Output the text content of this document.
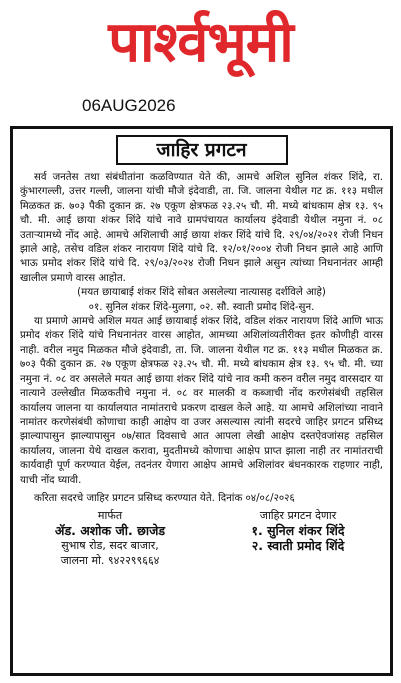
पार्श्वभूमी
06AUG2026
जाहिर प्रगटन

सर्व जनतेस तथा संबंधीतांना कळविण्यात येते की, आमचे अशिल सुनिल शंकर शिंदे, रा. कुंभारगल्ली, उत्तर गल्ली, जालना यांची मौजे इंदेवाडी, ता. जि. जालना येथील गट क्र. ११३ मधील मिळकत क्र. ७०३ पैकी दुकान क्र. २७ एकूण क्षेत्रफळ २३.२५ चौ. मी. मध्ये बांधकाम क्षेत्र १३. ९५ चौ. मी. आई छाया शंकर शिंदे यांचे नावे ग्रामपंचायत कार्यालय इंदेवाडी येथील नमुना नं. ०८ उताऱ्यामध्ये नोंद आहे. आमचे अशिलाची आई छाया शंकर शिंदे यांचे दि. २९/०४/२०२१ रोजी निधन झाले आहे, तसेच वडिल शंकर नारायण शिंदे यांचे दि. १२/०१/२००४ रोजी निधन झाले आहे आणि भाऊ प्रमोद शंकर शिंदे यांचे दि. २९/०३/२०२४ रोजी निधन झाले असुन त्यांच्या निधनानंतर आम्ही खालील प्रमाणे वारस आहोत.

(मयत छायाबाई शंकर शिंदे सोबत असलेल्या नात्यासह दर्शविले आहे)

०१. सुनिल शंकर शिंदे-मुलगा, ०२. सौ. स्वाती प्रमोद शिंदे-सुन.

या प्रमाणे आमचे अशिल मयत आई छायाबाई शंकर शिंदे, वडिल शंकर नारायण शिंदे आणि भाऊ प्रमोद शंकर शिंदे यांचे निधनानंतर वारस आहोत, आमच्या अशिलांव्यतीरीक्त इतर कोणीही वारस नाही. वरील नमुद मिळकत मौजे इंदेवाडी, ता. जि. जालना येथील गट क्र. ११३ मधील मिळकत क्र. ७०३ पैकी दुकान क्र. २७ एकूण क्षेत्रफळ २३.२५ चौ. मी. मध्ये बांधकाम क्षेत्र १३. ९५ चौ. मी. च्या नमुना नं. ०८ वर असलेले मयत आई छाया शंकर शिंदे यांचे नाव कमी करुन वरील नमुद वारसदार या नात्याने उल्लेखीत मिळकतीचे नमुना नं. ०८ वर मालकी व कब्जाची नोंद करणेसंबंधी तहसिल कार्यालय जालना या कार्यालयात नामांतराचे प्रकरण दाखल केले आहे. या आमचे अशिलांच्या नावाने नामांतर करणेसंबंधी कोणाचा काही आक्षेप वा उजर असल्यास त्यांनी सदरचे जाहिर प्रगटन प्रसिध्द झाल्यापासुन झाल्यापासुन ०७/सात दिवसाचे आत आपला लेखी आक्षेप दस्तऐवजांसह तहसिल कार्यालय, जालना येथे दाखल करावा, मुदतीमध्ये कोणाचा आक्षेप प्राप्त झाला नाही तर नामांतराची कार्यवाही पूर्ण करण्यात येईल, तदनंतर येणारा आक्षेप आमचे अशिलांवर बंधनकारक राहणार नाही, याची नोंद घ्यावी.

करिता सदरचे जाहिर प्रगटन प्रसिध्द करण्यात येते. दिनांक ०४/०८/२०२६

मार्फत
ॲड. अशोक जी. छाजेड
सुभाष रोड, सदर बाजार,
जालना मो. ९४२२९९६६४
जाहिर प्रगटन देणार
१. सुनिल शंकर शिंदे
२. स्वाती प्रमोद शिंदे
